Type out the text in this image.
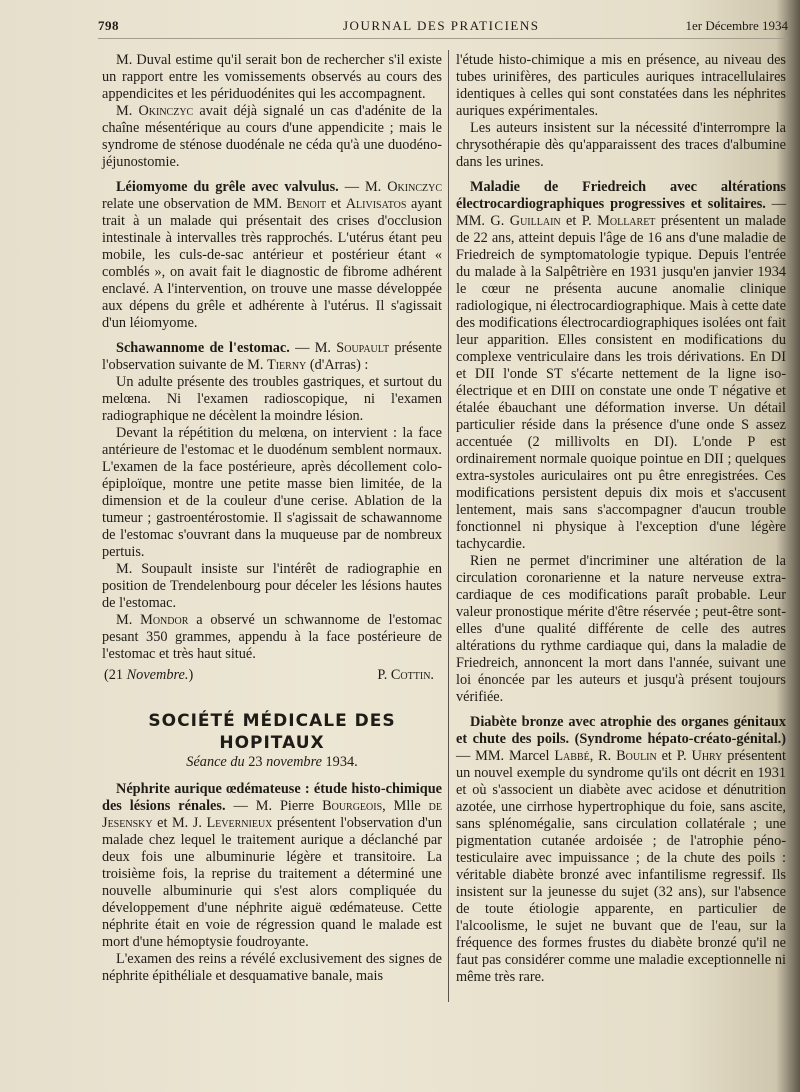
798	JOURNAL DES PRATICIENS	1er Décembre 1934

M. Duval estime qu'il serait bon de rechercher s'il existe un rapport entre les vomissements observés au cours des appendicites et les périduodénites qui les accompagnent.

M. Okinczyc avait déjà signalé un cas d'adénite de la chaîne mésentérique au cours d'une appendicite ; mais le syndrome de sténose duodénale ne céda qu'à une duodéno-jéjunostomie.

Léiomyome du grêle avec valvulus. — M. Okinczyc relate une observation de MM. Benoit et Alivisatos ayant trait à un malade qui présentait des crises d'occlusion intestinale à intervalles très rapprochés. L'utérus étant peu mobile, les culs-de-sac antérieur et postérieur étant « comblés », on avait fait le diagnostic de fibrome adhérent enclavé. A l'intervention, on trouve une masse développée aux dépens du grêle et adhérente à l'utérus. Il s'agissait d'un léiomyome.

Schawannome de l'estomac. — M. Soupault présente l'observation suivante de M. Tierny (d'Arras) :

Un adulte présente des troubles gastriques, et surtout du melœna. Ni l'examen radioscopique, ni l'examen radiographique ne décèlent la moindre lésion.

Devant la répétition du melœna, on intervient : la face antérieure de l'estomac et le duodénum semblent normaux. L'examen de la face postérieure, après décollement colo-épiploïque, montre une petite masse bien limitée, de la dimension et de la couleur d'une cerise. Ablation de la tumeur ; gastroentérostomie. Il s'agissait de schawannome de l'estomac s'ouvrant dans la muqueuse par de nombreux pertuis.

M. Soupault insiste sur l'intérêt de radiographie en position de Trendelenbourg pour déceler les lésions hautes de l'estomac.

M. Mondor a observé un schwannome de l'estomac pesant 350 grammes, appendu à la face postérieure de l'estomac et très haut situé.

(21 Novembre.)	P. Cottin.

SOCIÉTÉ MÉDICALE DES HOPITAUX
Séance du 23 novembre 1934.

Néphrite aurique œdémateuse : étude histo-chimique des lésions rénales. — M. Pierre Bourgeois, Mlle de Jesensky et M. J. Levernieux présentent l'observation d'un malade chez lequel le traitement aurique a déclanché par deux fois une albuminurie légère et transitoire. La troisième fois, la reprise du traitement a déterminé une nouvelle albuminurie qui s'est alors compliquée du développement d'une néphrite aiguë œdémateuse. Cette néphrite était en voie de régression quand le malade est mort d'une hémoptysie foudroyante.

L'examen des reins a révélé exclusivement des signes de néphrite épithéliale et desquamative banale, mais

l'étude histo-chimique a mis en présence, au niveau des tubes urinifères, des particules auriques intracellulaires identiques à celles qui sont constatées dans les néphrites auriques expérimentales.

Les auteurs insistent sur la nécessité d'interrompre la chrysothérapie dès qu'apparaissent des traces d'albumine dans les urines.

Maladie de Friedreich avec altérations électrocardiographiques progressives et solitaires. — MM. G. Guillain et P. Mollaret présentent un malade de 22 ans, atteint depuis l'âge de 16 ans d'une maladie de Friedreich de symptomatologie typique. Depuis l'entrée du malade à la Salpêtrière en 1931 jusqu'en janvier 1934 le cœur ne présenta aucune anomalie clinique radiologique, ni électrocardiographique. Mais à cette date des modifications électrocardiographiques isolées ont fait leur apparition. Elles consistent en modifications du complexe ventriculaire dans les trois dérivations. En DI et DII l'onde ST s'écarte nettement de la ligne iso-électrique et en DIII on constate une onde T négative et étalée ébauchant une déformation inverse. Un détail particulier réside dans la présence d'une onde S assez accentuée (2 millivolts en DI). L'onde P est ordinairement normale quoique pointue en DII ; quelques extra-systoles auriculaires ont pu être enregistrées. Ces modifications persistent depuis dix mois et s'accusent lentement, mais sans s'accompagner d'aucun trouble fonctionnel ni physique à l'exception d'une légère tachycardie.

Rien ne permet d'incriminer une altération de la circulation coronarienne et la nature nerveuse extra-cardiaque de ces modifications paraît probable. Leur valeur pronostique mérite d'être réservée ; peut-être sont-elles d'une qualité différente de celle des autres altérations du rythme cardiaque qui, dans la maladie de Friedreich, annoncent la mort dans l'année, suivant une loi énoncée par les auteurs et jusqu'à présent toujours vérifiée.

Diabète bronze avec atrophie des organes génitaux et chute des poils. (Syndrome hépato-créato-génital.) — MM. Marcel Labbé, R. Boulin et P. Uhry présentent un nouvel exemple du syndrome qu'ils ont décrit en 1931 et où s'associent un diabète avec acidose et dénutrition azotée, une cirrhose hypertrophique du foie, sans ascite, sans splénomégalie, sans circulation collatérale ; une pigmentation cutanée ardoisée ; de l'atrophie péno-testiculaire avec impuissance ; de la chute des poils : véritable diabète bronzé avec infantilisme regressif. Ils insistent sur la jeunesse du sujet (32 ans), sur l'absence de toute étiologie apparente, en particulier de l'alcoolisme, le sujet ne buvant que de l'eau, sur la fréquence des formes frustes du diabète bronzé qu'il ne faut pas considérer comme une maladie exceptionnelle ni même très rare.
